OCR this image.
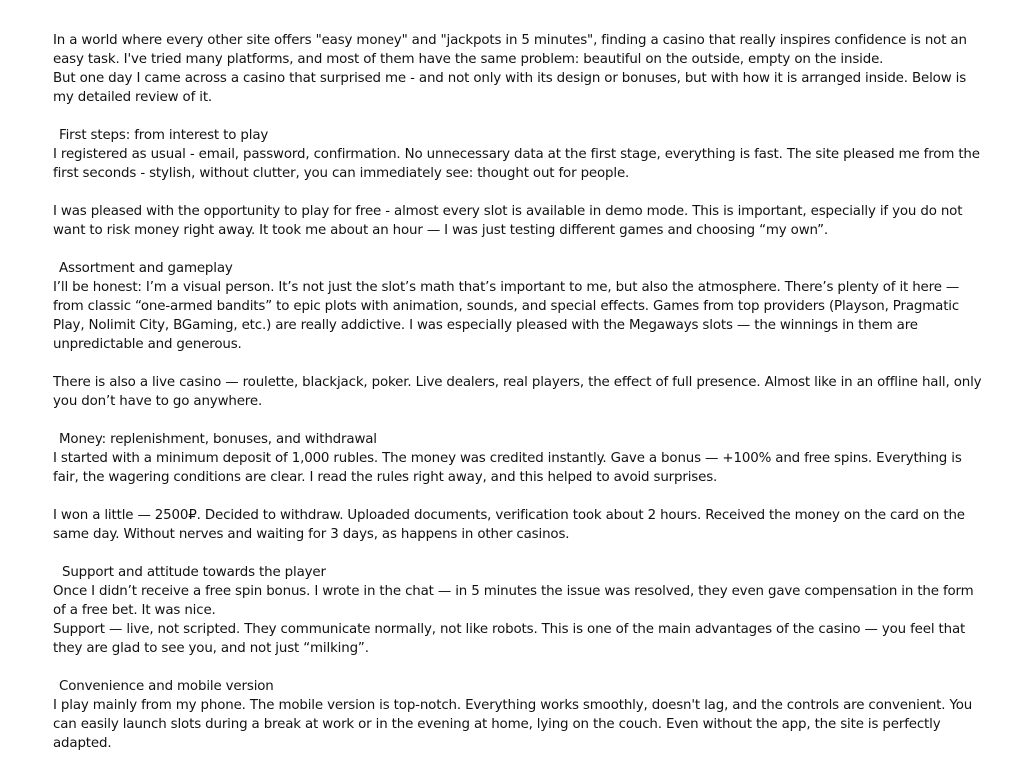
In a world where every other site offers "easy money" and "jackpots in 5 minutes", finding a casino that really inspires confidence is not an easy task. I've tried many platforms, and most of them have the same problem: beautiful on the outside, empty on the inside.

But one day I came across a casino that surprised me - and not only with its design or bonuses, but with how it is arranged inside. Below is my detailed review of it.

First steps: from interest to play

I registered as usual - email, password, confirmation. No unnecessary data at the first stage, everything is fast. The site pleased me from the first seconds - stylish, without clutter, you can immediately see: thought out for people.

I was pleased with the opportunity to play for free - almost every slot is available in demo mode. This is important, especially if you do not want to risk money right away. It took me about an hour — I was just testing different games and choosing “my own”.

Assortment and gameplay

I’ll be honest: I’m a visual person. It’s not just the slot’s math that’s important to me, but also the atmosphere. There’s plenty of it here — from classic “one-armed bandits” to epic plots with animation, sounds, and special effects. Games from top providers (Playson, Pragmatic Play, Nolimit City, BGaming, etc.) are really addictive. I was especially pleased with the Megaways slots — the winnings in them are unpredictable and generous.

There is also a live casino — roulette, blackjack, poker. Live dealers, real players, the effect of full presence. Almost like in an offline hall, only you don’t have to go anywhere.

Money: replenishment, bonuses, and withdrawal

I started with a minimum deposit of 1,000 rubles. The money was credited instantly. Gave a bonus — +100% and free spins. Everything is fair, the wagering conditions are clear. I read the rules right away, and this helped to avoid surprises.

I won a little — 2500₽. Decided to withdraw. Uploaded documents, verification took about 2 hours. Received the money on the card on the same day. Without nerves and waiting for 3 days, as happens in other casinos.

Support and attitude towards the player

Once I didn’t receive a free spin bonus. I wrote in the chat — in 5 minutes the issue was resolved, they even gave compensation in the form of a free bet. It was nice.

Support — live, not scripted. They communicate normally, not like robots. This is one of the main advantages of the casino — you feel that they are glad to see you, and not just “milking”.

Convenience and mobile version

I play mainly from my phone. The mobile version is top-notch. Everything works smoothly, doesn't lag, and the controls are convenient. You can easily launch slots during a break at work or in the evening at home, lying on the couch. Even without the app, the site is perfectly adapted.
